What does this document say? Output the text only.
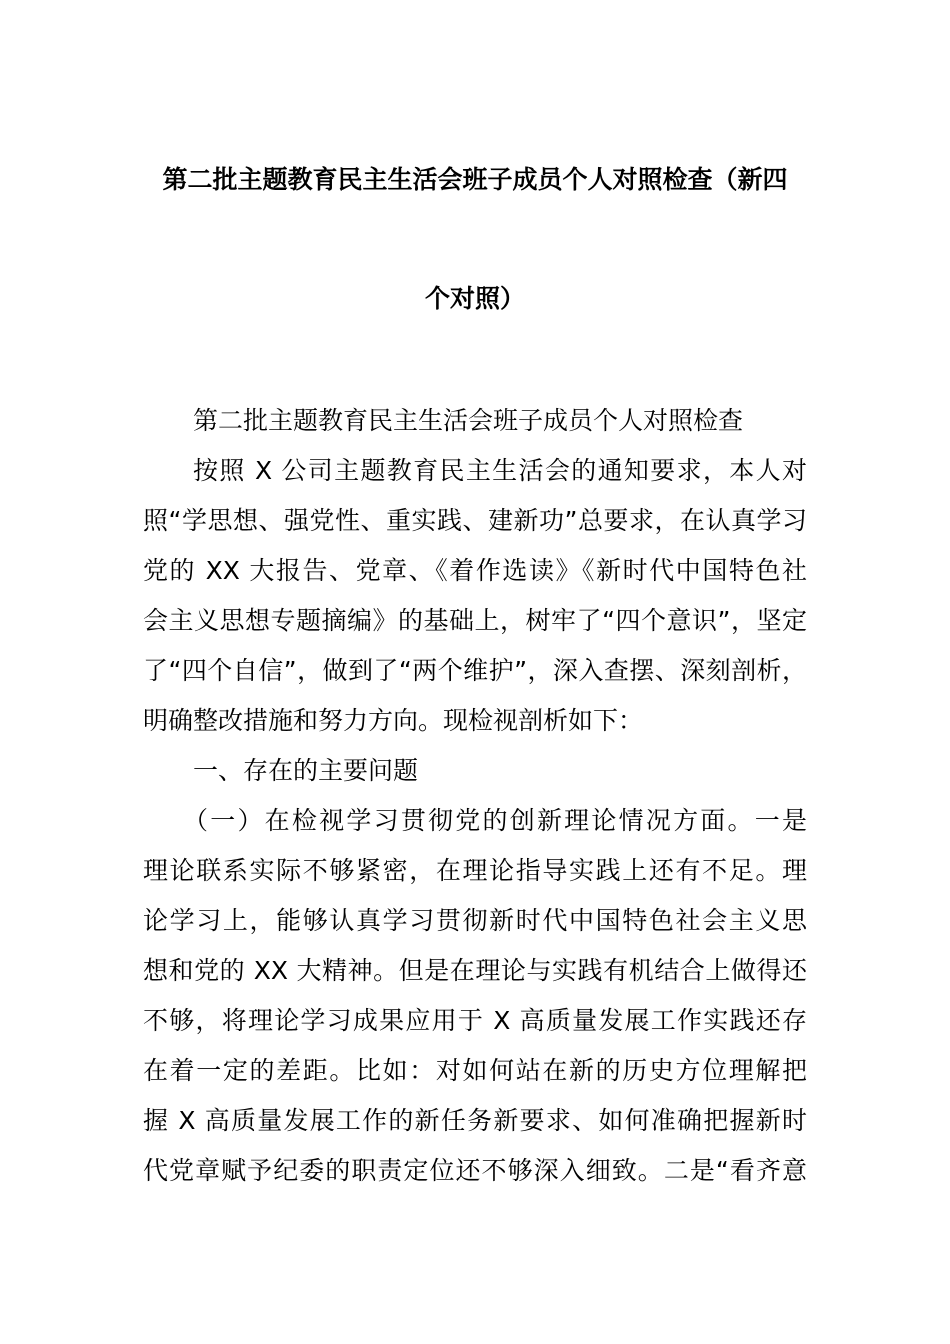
第二批主题教育民主生活会班子成员个人对照检查（新四
个对照）
第二批主题教育民主生活会班子成员个人对照检查
按照 X 公司主题教育民主生活会的通知要求，本人对
照“学思想、强党性、重实践、建新功”总要求，在认真学习
党的 XX 大报告、党章、《着作选读》《新时代中国特色社
会主义思想专题摘编》的基础上，树牢了“四个意识”，坚定
了“四个自信”，做到了“两个维护”，深入查摆、深刻剖析，
明确整改措施和努力方向。现检视剖析如下：
一、存在的主要问题
（一）在检视学习贯彻党的创新理论情况方面。一是
理论联系实际不够紧密，在理论指导实践上还有不足。理
论学习上，能够认真学习贯彻新时代中国特色社会主义思
想和党的 XX 大精神。但是在理论与实践有机结合上做得还
不够，将理论学习成果应用于 X 高质量发展工作实践还存
在着一定的差距。比如：对如何站在新的历史方位理解把
握 X 高质量发展工作的新任务新要求、如何准确把握新时
代党章赋予纪委的职责定位还不够深入细致。二是“看齐意
